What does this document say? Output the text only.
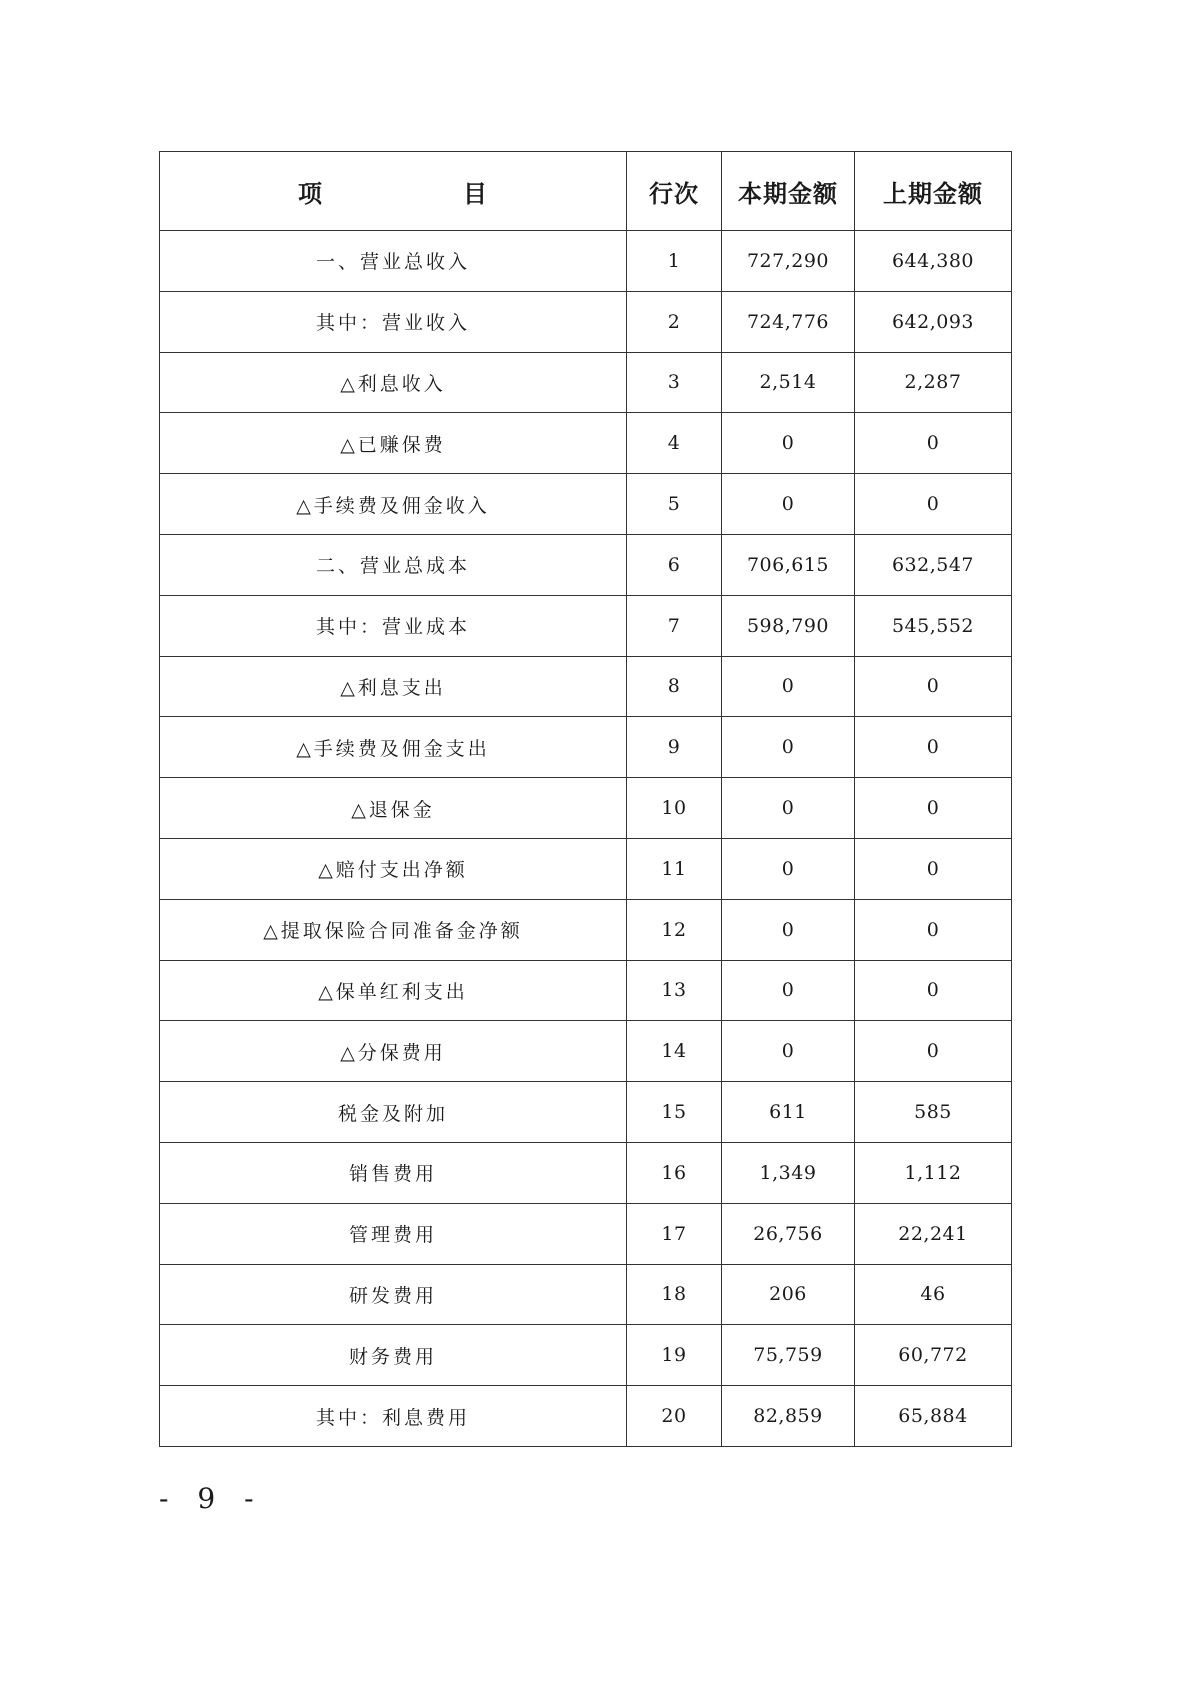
项 目	行次	本期金额	上期金额
一、营业总收入	1	727,290	644,380
其中：营业收入	2	724,776	642,093
△利息收入	3	2,514	2,287
△已赚保费	4	0	0
△手续费及佣金收入	5	0	0
二、营业总成本	6	706,615	632,547
其中：营业成本	7	598,790	545,552
△利息支出	8	0	0
△手续费及佣金支出	9	0	0
△退保金	10	0	0
△赔付支出净额	11	0	0
△提取保险合同准备金净额	12	0	0
△保单红利支出	13	0	0
△分保费用	14	0	0
税金及附加	15	611	585
销售费用	16	1,349	1,112
管理费用	17	26,756	22,241
研发费用	18	206	46
财务费用	19	75,759	60,772
其中：利息费用	20	82,859	65,884
- 9 -
